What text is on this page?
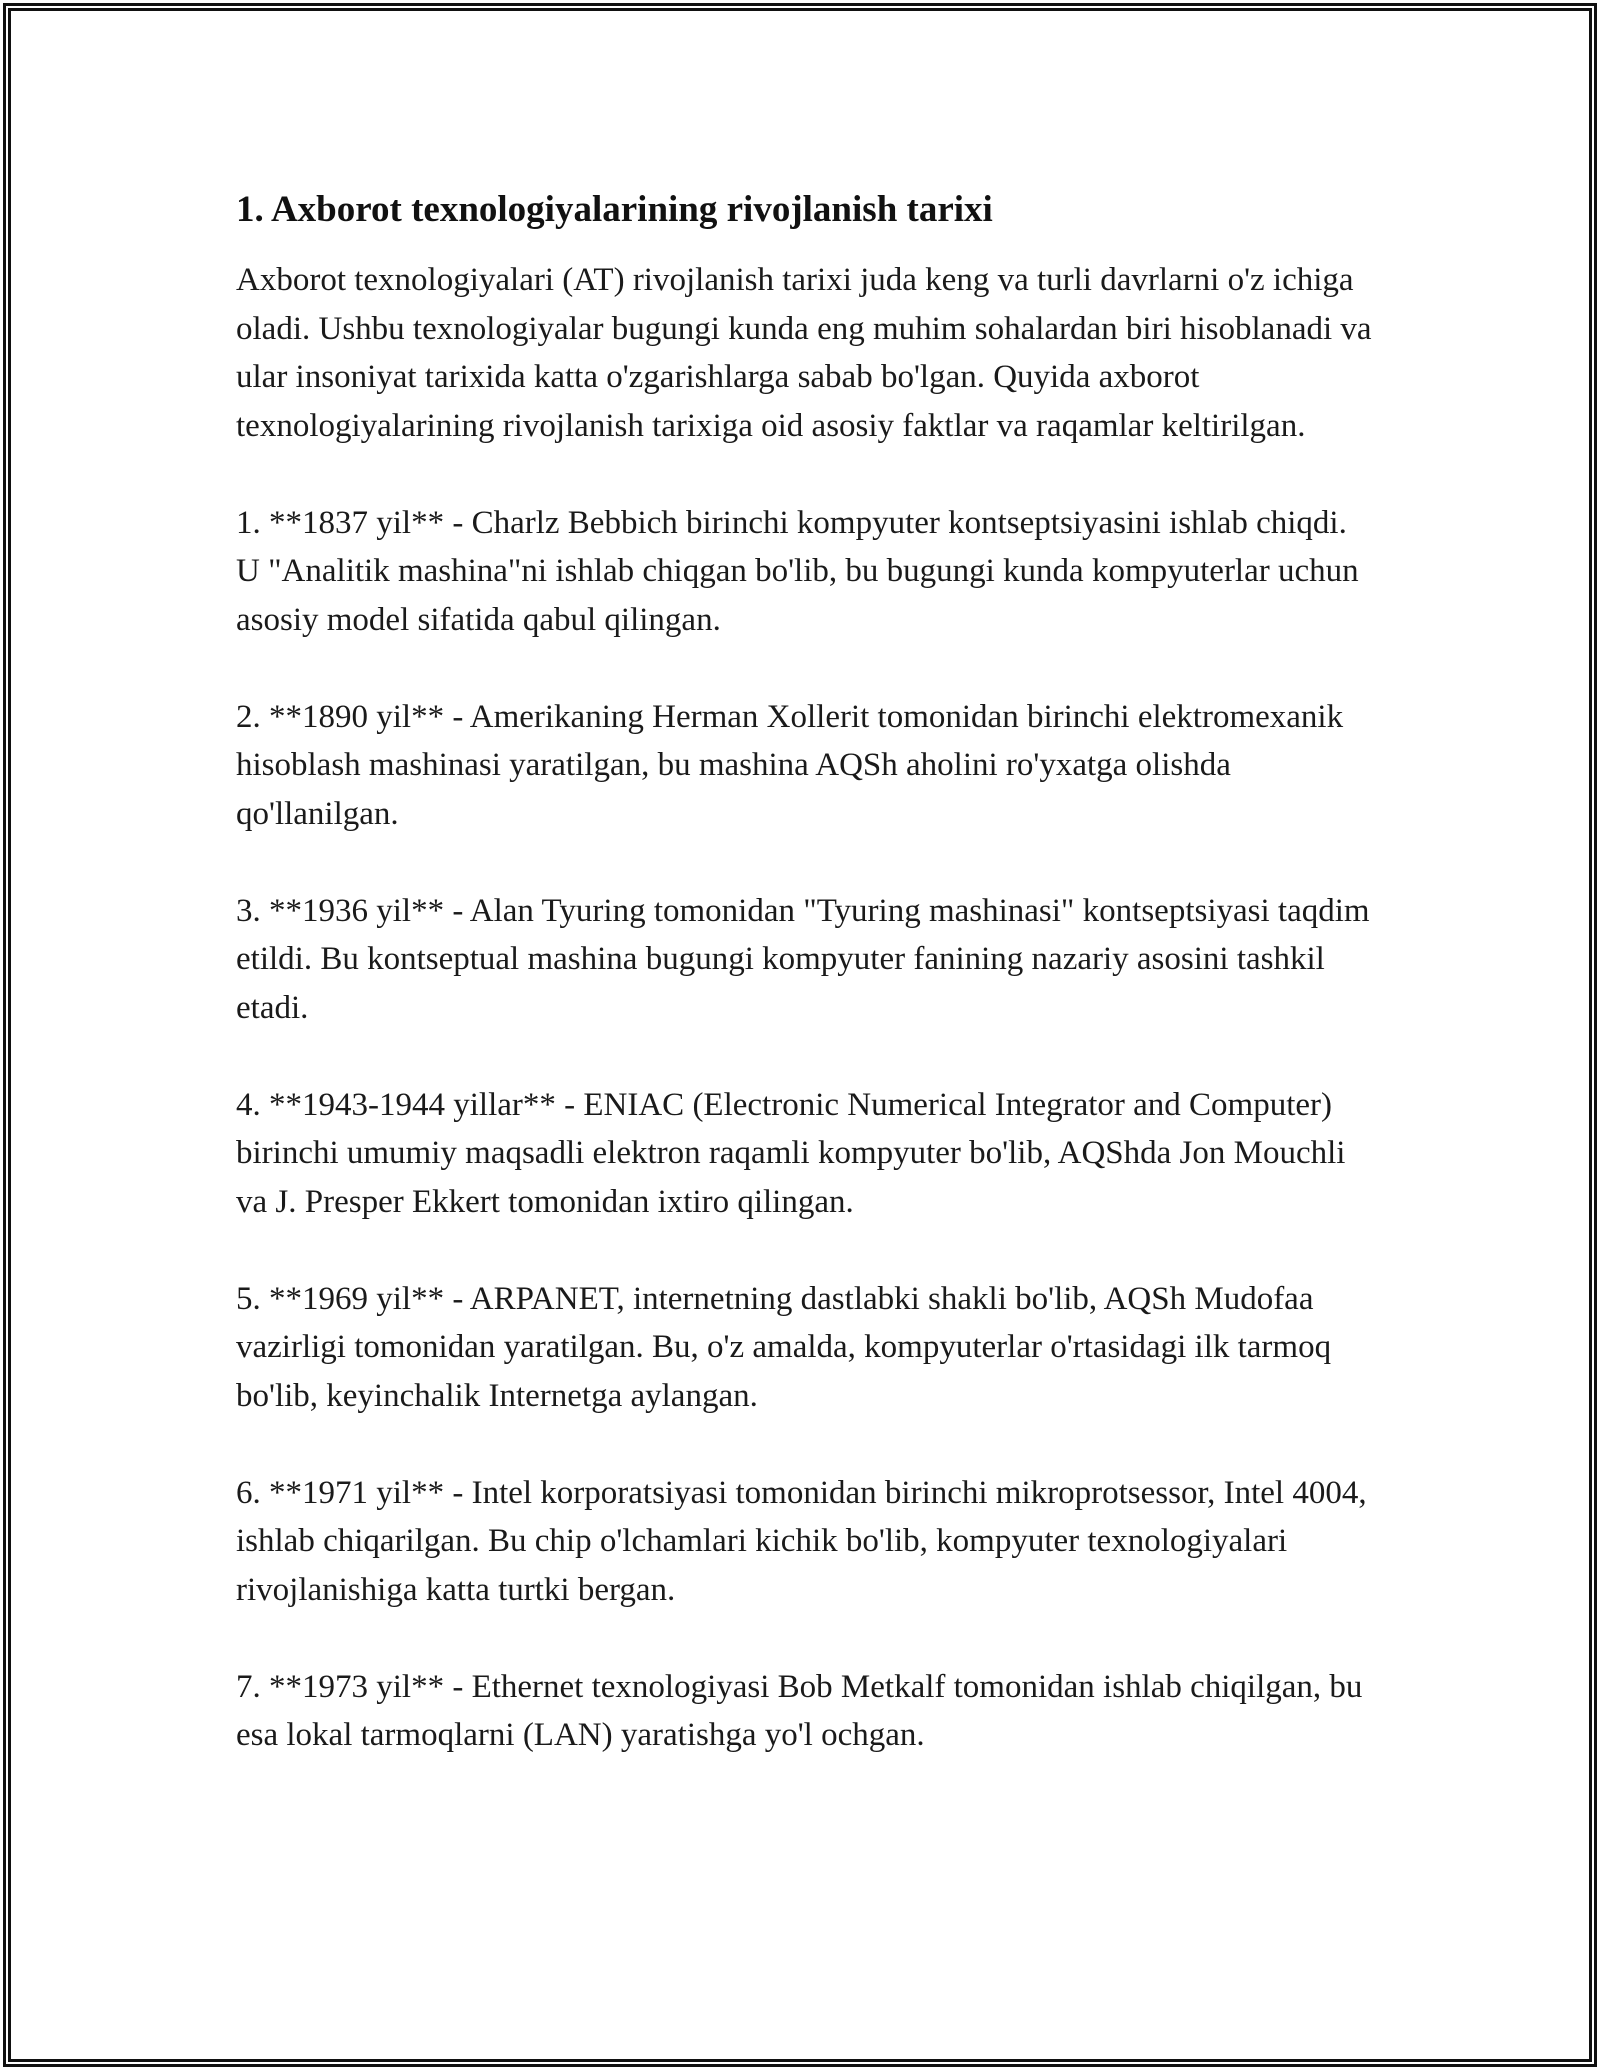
1. Axborot texnologiyalarining rivojlanish tarixi

Axborot texnologiyalari (AT) rivojlanish tarixi juda keng va turli davrlarni o'z ichiga oladi. Ushbu texnologiyalar bugungi kunda eng muhim sohalardan biri hisoblanadi va ular insoniyat tarixida katta o'zgarishlarga sabab bo'lgan. Quyida axborot texnologiyalarining rivojlanish tarixiga oid asosiy faktlar va raqamlar keltirilgan.

1. **1837 yil** - Charlz Bebbich birinchi kompyuter kontseptsiyasini ishlab chiqdi. U "Analitik mashina"ni ishlab chiqgan bo'lib, bu bugungi kunda kompyuterlar uchun asosiy model sifatida qabul qilingan.

2. **1890 yil** - Amerikaning Herman Xollerit tomonidan birinchi elektromexanik hisoblash mashinasi yaratilgan, bu mashina AQSh aholini ro'yxatga olishda qo'llanilgan.

3. **1936 yil** - Alan Tyuring tomonidan "Tyuring mashinasi" kontseptsiyasi taqdim etildi. Bu kontseptual mashina bugungi kompyuter fanining nazariy asosini tashkil etadi.

4. **1943-1944 yillar** - ENIAC (Electronic Numerical Integrator and Computer) birinchi umumiy maqsadli elektron raqamli kompyuter bo'lib, AQShda Jon Mouchli va J. Presper Ekkert tomonidan ixtiro qilingan.

5. **1969 yil** - ARPANET, internetning dastlabki shakli bo'lib, AQSh Mudofaa vazirligi tomonidan yaratilgan. Bu, o'z amalda, kompyuterlar o'rtasidagi ilk tarmoq bo'lib, keyinchalik Internetga aylangan.

6. **1971 yil** - Intel korporatsiyasi tomonidan birinchi mikroprotsessor, Intel 4004, ishlab chiqarilgan. Bu chip o'lchamlari kichik bo'lib, kompyuter texnologiyalari rivojlanishiga katta turtki bergan.

7. **1973 yil** - Ethernet texnologiyasi Bob Metkalf tomonidan ishlab chiqilgan, bu esa lokal tarmoqlarni (LAN) yaratishga yo'l ochgan.
